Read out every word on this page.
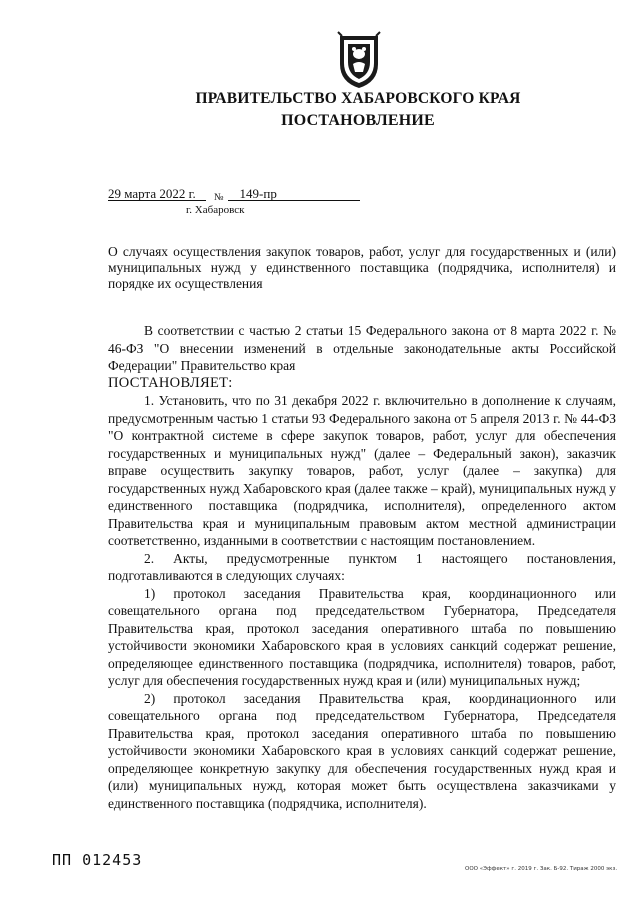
ПРАВИТЕЛЬСТВО ХАБАРОВСКОГО КРАЯ
ПОСТАНОВЛЕНИЕ
29 марта 2022 г. № 149-пр
г. Хабаровск
О случаях осуществления закупок товаров, работ, услуг для государственных и (или) муниципальных нужд у единственного поставщика (подрядчика, исполнителя) и порядке их осуществления

В соответствии с частью 2 статьи 15 Федерального закона от 8 марта 2022 г. № 46-ФЗ "О внесении изменений в отдельные законодательные акты Российской Федерации" Правительство края

ПОСТАНОВЛЯЕТ:

1. Установить, что по 31 декабря 2022 г. включительно в дополнение к случаям, предусмотренным частью 1 статьи 93 Федерального закона от 5 апреля 2013 г. № 44-ФЗ "О контрактной системе в сфере закупок товаров, работ, услуг для обеспечения государственных и муниципальных нужд" (далее – Федеральный закон), заказчик вправе осуществить закупку товаров, работ, услуг (далее – закупка) для государственных нужд Хабаровского края (далее также – край), муниципальных нужд у единственного поставщика (подрядчика, исполнителя), определенного актом Правительства края и муниципальным правовым актом местной администрации соответственно, изданными в соответствии с настоящим постановлением.

2. Акты, предусмотренные пунктом 1 настоящего постановления, подготавливаются в следующих случаях:

1) протокол заседания Правительства края, координационного или совещательного органа под председательством Губернатора, Председателя Правительства края, протокол заседания оперативного штаба по повышению устойчивости экономики Хабаровского края в условиях санкций содержат решение, определяющее единственного поставщика (подрядчика, исполнителя) товаров, работ, услуг для обеспечения государственных нужд края и (или) муниципальных нужд;

2) протокол заседания Правительства края, координационного или совещательного органа под председательством Губернатора, Председателя Правительства края, протокол заседания оперативного штаба по повышению устойчивости экономики Хабаровского края в условиях санкций содержат решение, определяющее конкретную закупку для обеспечения государственных нужд края и (или) муниципальных нужд, которая может быть осуществлена заказчиками у единственного поставщика (подрядчика, исполнителя).

ПП 012453	ООО «Эффект» г. 2019 г. Зак. Б-92. Тираж 2000 экз.
